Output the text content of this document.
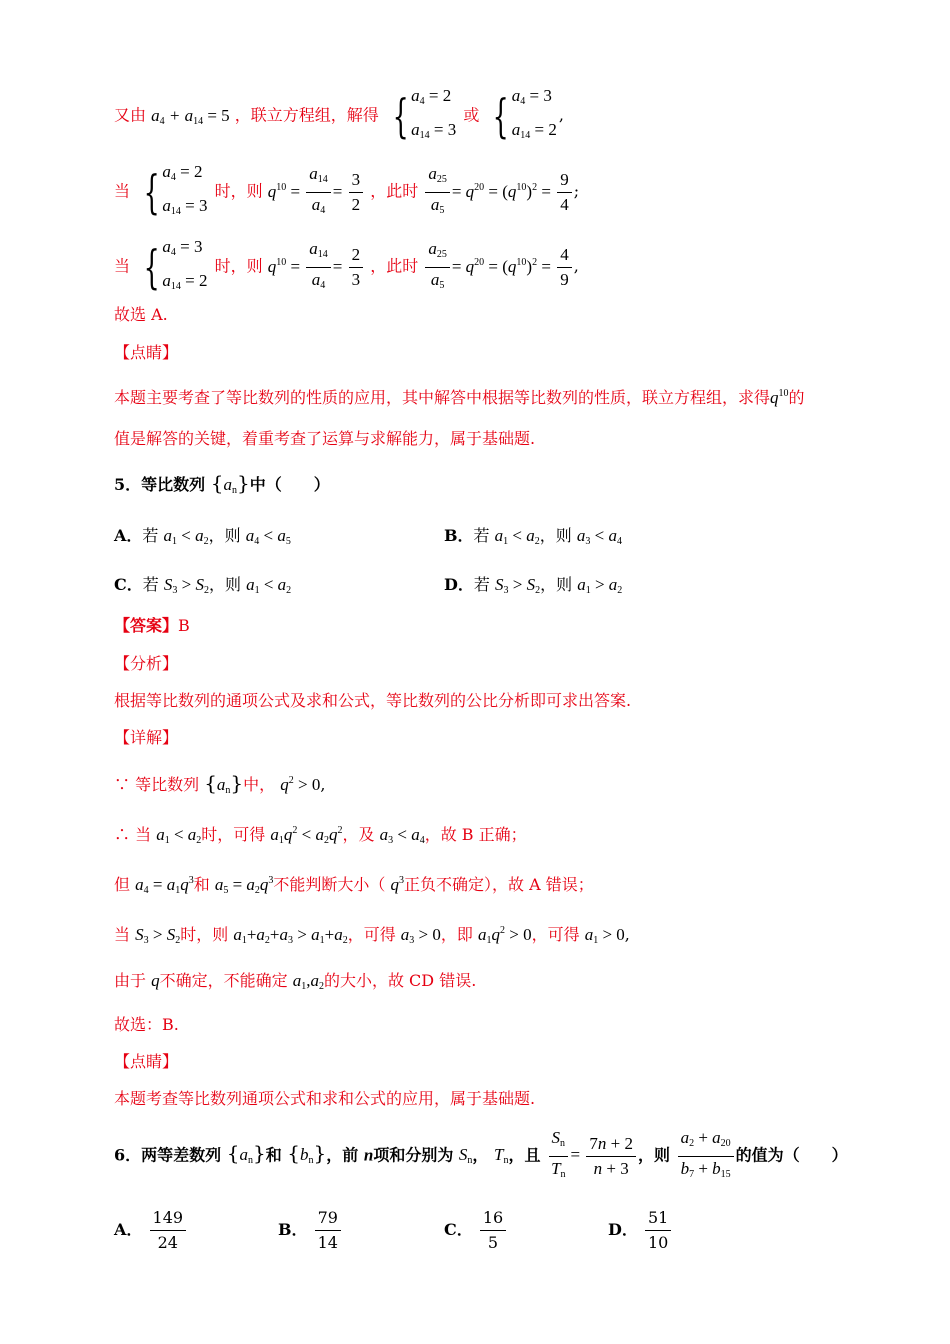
又由 $a_4 + a_{14} = 5$ ，联立方程组，解得 { $a_4 = 2$
$a_{14} = 3$
或 { $a_4 = 3$
$a_{14} = 2$
,
当 { $a_4 = 2$
$a_{14} = 3$
时，则 $q^{10} = \frac{a_{14}}{a_4} = \frac{3}{2}$ ，此时 $\frac{a_{25}}{a_5} = q^{20} = (q^{10})^2 = \frac{9}{4}$ ;
当 { $a_4 = 3$
$a_{14} = 2$
时，则 $q^{10} = \frac{a_{14}}{a_4} = \frac{2}{3}$ ，此时 $\frac{a_{25}}{a_5} = q^{20} = (q^{10})^2 = \frac{4}{9}$ ,
故选 A.
【点睛】
本题主要考查了等比数列的性质的应用，其中解答中根据等比数列的性质，联立方程组，求得$q^{10}$的
值是解答的关键，着重考查了运算与求解能力，属于基础题.
5．等比数列 $\{a_n\}$中（　　）
A．若 $a_1 < a_2$，则 $a_4 < a_5$	B．若 $a_1 < a_2$，则 $a_3 < a_4$
C．若 $S_3 > S_2$，则 $a_1 < a_2$	D．若 $S_3 > S_2$，则 $a_1 > a_2$
【答案】B
【分析】
根据等比数列的通项公式及求和公式，等比数列的公比分析即可求出答案.
【详解】
∵ 等比数列 $\{a_n\}$中， $q^2 > 0$,
∴ 当 $a_1 < a_2$时，可得 $a_1q^2 < a_2q^2$，及 $a_3 < a_4$，故 B 正确；
但 $a_4 = a_1q^3$和 $a_5 = a_2q^3$不能判断大小（ $q^3$正负不确定），故 A 错误；
当 $S_3 > S_2$时，则 $a_1+a_2+a_3 > a_1+a_2$，可得 $a_3 > 0$，即 $a_1q^2 > 0$，可得 $a_1 > 0$,
由于 q不确定，不能确定 $a_1,a_2$的大小，故 CD 错误.
故选：B.
【点睛】
本题考查等比数列通项公式和求和公式的应用，属于基础题.
6．两等差数列 $\{a_n\}$和 $\{b_n\}$，前 n项和分别为 $S_n$， $T_n$，且 $\frac{S_n}{T_n} = \frac{7n + 2}{n + 3}$ ，则 $\frac{a_2 + a_{20}}{b_7 + b_{15}}$ 的值为（　　）
A． $\frac{149}{24}$	B． $\frac{79}{14}$	C． $\frac{16}{5}$	D． $\frac{51}{10}$
